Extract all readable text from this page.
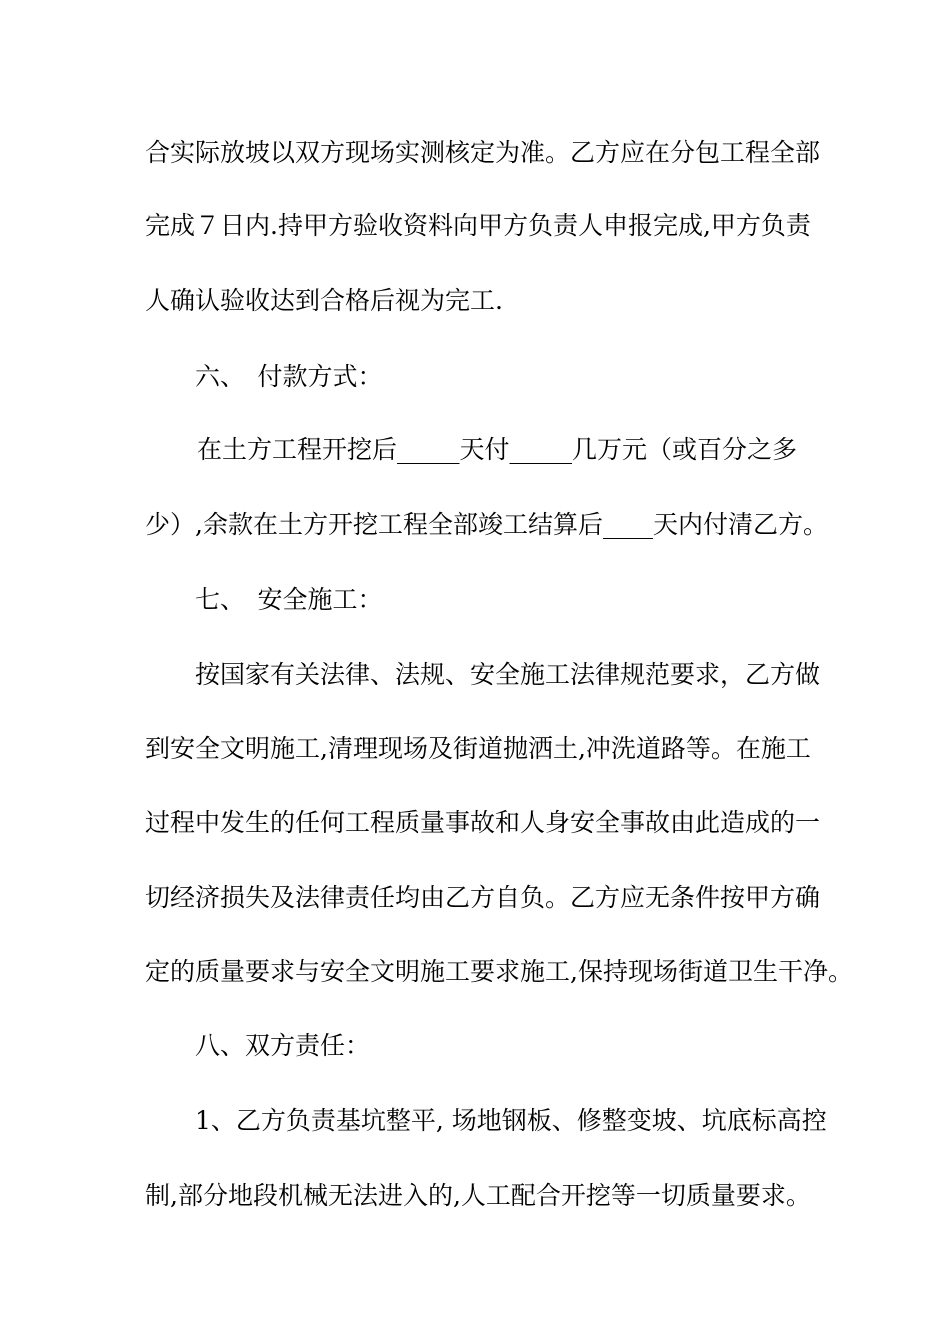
合实际放坡以双方现场实测核定为准。乙方应在分包工程全部
完成７日内.持甲方验收资料向甲方负责人申报完成,甲方负责
人确认验收达到合格后视为完工.
六、　付款方式：
在土方工程开挖后_____天付_____几万元（或百分之多
少）,余款在土方开挖工程全部竣工结算后____天内付清乙方。
七、　安全施工：
按国家有关法律、法规、安全施工法律规范要求，乙方做
到安全文明施工,清理现场及街道抛洒土,冲洗道路等。在施工
过程中发生的任何工程质量事故和人身安全事故由此造成的一
切经济损失及法律责任均由乙方自负。乙方应无条件按甲方确
定的质量要求与安全文明施工要求施工,保持现场街道卫生干净。
八、双方责任：
1、乙方负责基坑整平, 场地钢板、修整变坡、坑底标高控
制,部分地段机械无法进入的,人工配合开挖等一切质量要求。
